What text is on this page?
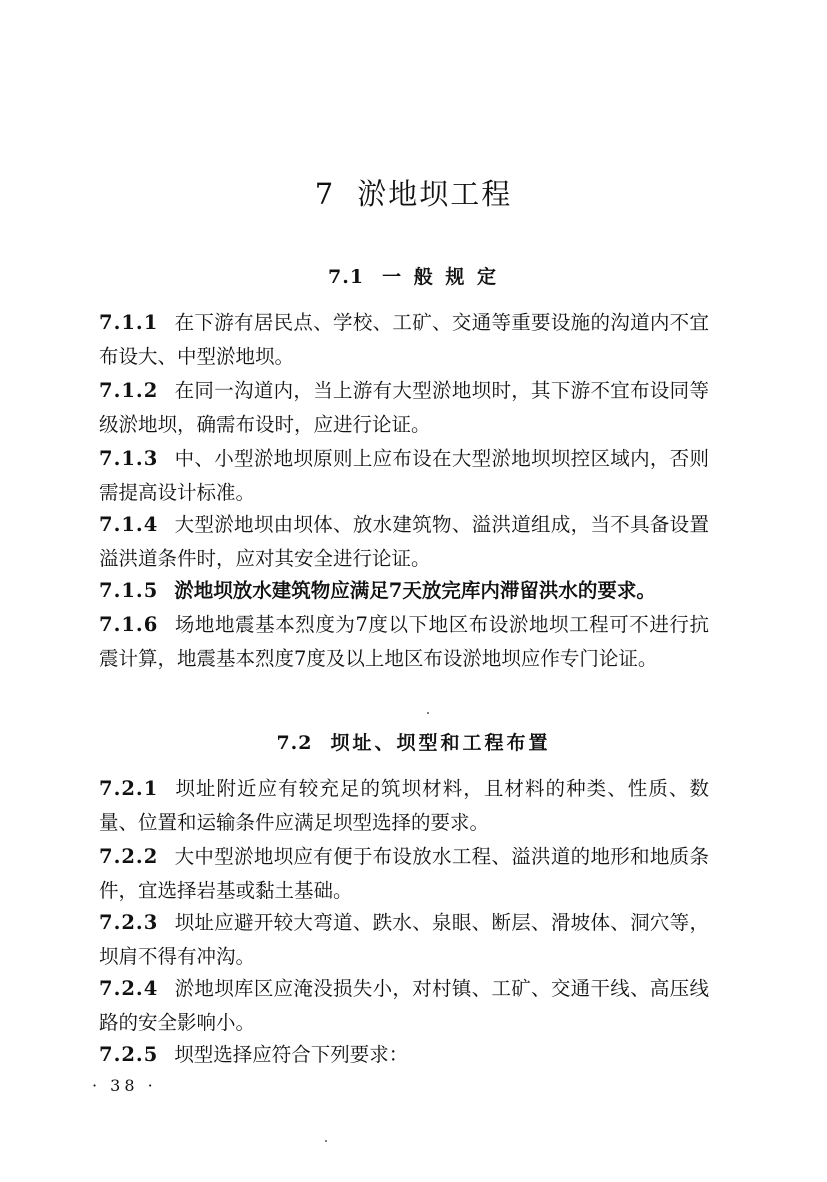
7 淤地坝工程
7.1 一 般 规 定
7.1.1 在下游有居民点、学校、工矿、交通等重要设施的沟道内不宜布设大、中型淤地坝。
7.1.2 在同一沟道内，当上游有大型淤地坝时，其下游不宜布设同等级淤地坝，确需布设时，应进行论证。
7.1.3 中、小型淤地坝原则上应布设在大型淤地坝坝控区域内，否则需提高设计标准。
7.1.4 大型淤地坝由坝体、放水建筑物、溢洪道组成，当不具备设置溢洪道条件时，应对其安全进行论证。
7.1.5 淤地坝放水建筑物应满足7天放完库内滞留洪水的要求。
7.1.6 场地地震基本烈度为7度以下地区布设淤地坝工程可不进行抗震计算，地震基本烈度7度及以上地区布设淤地坝应作专门论证。
7.2 坝址、坝型和工程布置
7.2.1 坝址附近应有较充足的筑坝材料，且材料的种类、性质、数量、位置和运输条件应满足坝型选择的要求。
7.2.2 大中型淤地坝应有便于布设放水工程、溢洪道的地形和地质条件，宜选择岩基或黏土基础。
7.2.3 坝址应避开较大弯道、跌水、泉眼、断层、滑坡体、洞穴等，坝肩不得有冲沟。
7.2.4 淤地坝库区应淹没损失小，对村镇、工矿、交通干线、高压线路的安全影响小。
7.2.5 坝型选择应符合下列要求：
· 38 ·
